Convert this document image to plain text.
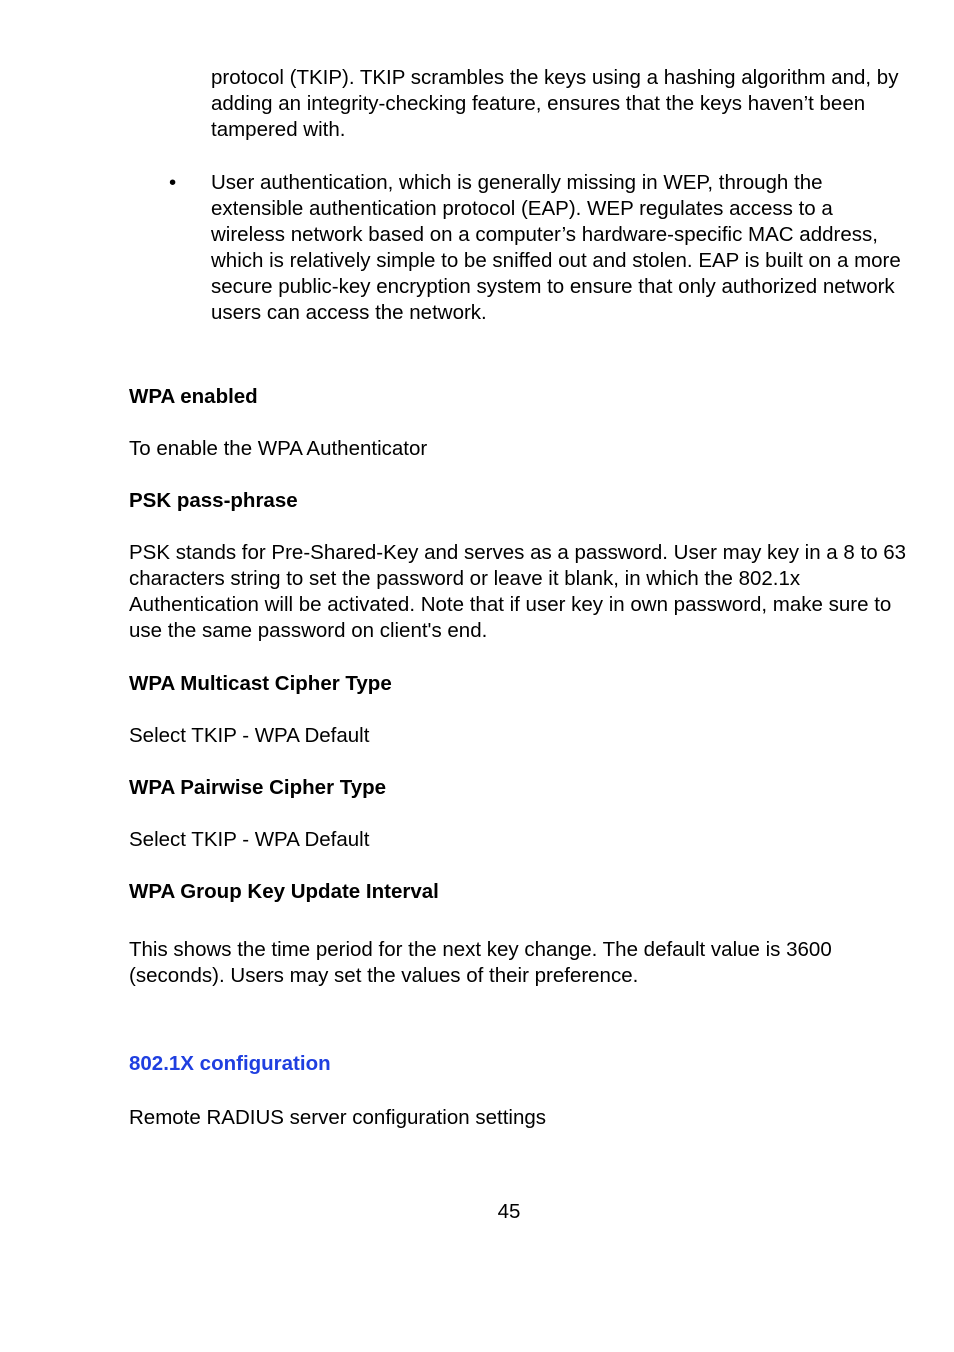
protocol (TKIP). TKIP scrambles the keys using a hashing algorithm and, by adding an integrity-checking feature, ensures that the keys haven’t been tampered with.

•	User authentication, which is generally missing in WEP, through the extensible authentication protocol (EAP). WEP regulates access to a wireless network based on a computer’s hardware-specific MAC address, which is relatively simple to be sniffed out and stolen. EAP is built on a more secure public-key encryption system to ensure that only authorized network users can access the network.

WPA enabled

To enable the WPA Authenticator

PSK pass-phrase

PSK stands for Pre-Shared-Key and serves as a password. User may key in a 8 to 63 characters string to set the password or leave it blank, in which the 802.1x Authentication will be activated. Note that if user key in own password, make sure to use the same password on client's end.

WPA Multicast Cipher Type

Select TKIP - WPA Default

WPA Pairwise Cipher Type

Select TKIP - WPA Default

WPA Group Key Update Interval

This shows the time period for the next key change. The default value is 3600 (seconds). Users may set the values of their preference.

802.1X configuration

Remote RADIUS server configuration settings

45
